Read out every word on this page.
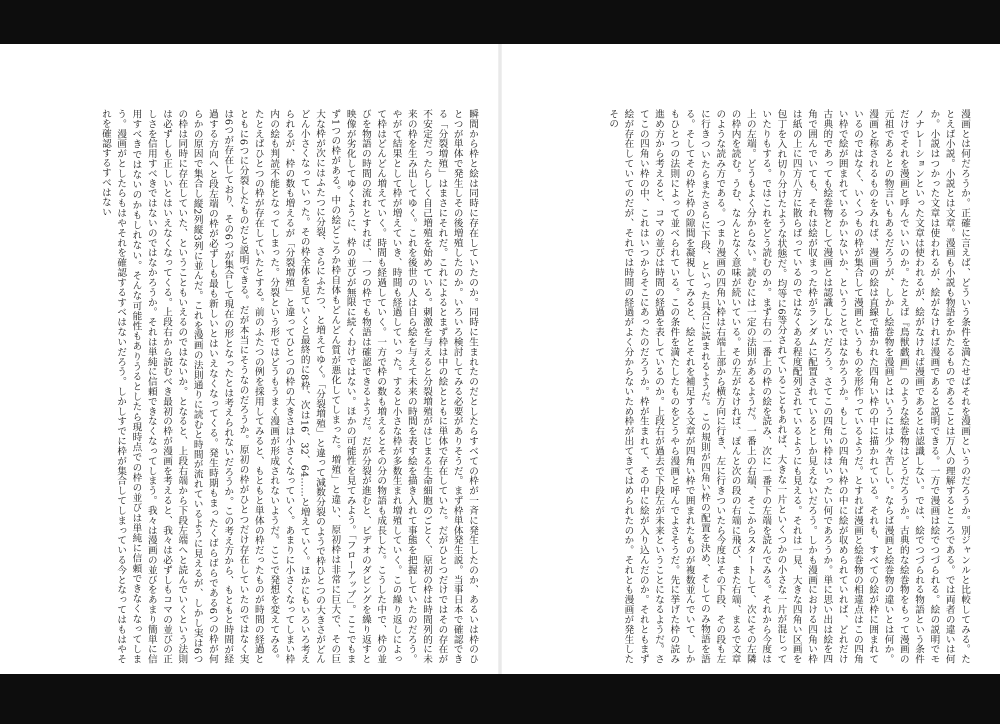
漫画とは何だろうか。正確に言えば、どういう条件を満たせばそれを漫画というのだろうか。別ジャンルと比較してみる。たとえば小説。小説とは文章。漫画も小説も物語をかたるものであることは万人の理解するところである。では両者の違いは何か。小説はつかった文章は使われるが、絵がなければ漫画であると説明できる。一方で漫画は絵でつづられる。絵の説明でモノナレーションといった文章は使われるが、絵がなければ漫画であるとは認識しない。では、絵でつづられる物語という条件だけでそれを漫画と呼んでいいのか。たとえば『鳥獣戯画』のような絵巻物はどうだろうか。古典的な絵巻物をもって漫画の元祖であるとの物言いもあるだろうが、しかし絵巻物を漫画とはいうには少々苦しい。ならば漫画と絵巻物の違いとは何か。漫画と称されるものをみれば、漫画の絵は直線で描かれた四角い枠の中に描かれている。それも、すべての絵が枠に囲まれているのではなく、いくつもの枠が集合して漫画というものを形作っているようだ。とすれば漫画と絵巻物の相違点はこの四角い枠で絵が囲まれているかいないか、ということではなかろうか。もしこの四角い枠の中に絵が収められていれば、どれだけ古典的であっても絵巻物として漫画とは認識しないだろう。さてこの四角い枠はいったい何であろうか。単に思い出は絵を四角で囲んでいても、それは絵が収まった枠がランダムに配置されているとしか見えないだろう。しかも漫画における四角い枠は紙の上に四方八方に散らばっているのではなくある程度配列されているようにも見える。それは一見、大きな四角い区画を包丁を入れ切り分けたような状態だ。均等に6等分されていることもあれば、大きな一片といくつかの小さな一片が混じっていたりもする。ではこれをどう読むのか。まず右の一番上の枠の絵を読み、次に一番下の左端を読んでみる。それから今度は上の左端。どうもよく分からない。読むには一定の法則があるようだ。一番上の右端、そこからスタートして、次にその左隣の枠内を読む。うむ、なんとなく意味が続いている。その左がなければ、ぽんと次の段の右端に飛び、また右端、まるで文章のような読み方である。つまり漫画の四角い枠は右端上部から横方向に行き、左に行きついたら今度はその下段、その段も左に行きついたらまたさらに下段、といった具合に読まれるようだ。この規則が四角い枠の配置を決め、そしてのみ物語を語る。そしてその枠と枠の隙間を凝視してみると、絵とそれを補足する文章が四角い枠で囲まれたものが複数並んでいて、しかもひとつの法則によって並べられている。この条件を満たしたものをどうやら漫画と呼んでよさそうだ。先に挙げた枠の読み進め方から考えると、コマの並びは時間の経過を表しているのか。上段右が過去で下段左が未来ということになるようだ。さてこの四角い枠の中、これはいつからそこにあったのだろうか。枠が生まれて、その中に絵が入り込んだのか。それともまず絵が存在していてのだが、それでは時間の経過がよく分からないため枠が出てきてはめられたのか。それとも漫画が発生したその
瞬間から枠と絵は同時に存在していたのか。同時に生まれたのだとしたらすべての枠が一斉に発生したのか、あるいは枠のひとつが単体で発生しその後増殖したのか。いろいろ検討してみる必要がありそうだ。まず枠単体発生説。当事日本で確認できる「分裂増殖」はまさにそれだ。これによるとまず枠は中の絵とともに単体で存在していた。だがひとつだけではその存在が不安定だったらしく自己増殖を始めている。刺激を与えると分裂増殖がはじまる生命細胞のごとく、原初の枠は時間列的に未来の枠を生み出してゆく。これを後世の人は自ら絵を与えて未来の時間を表す絵を描き入れて事態を把握していたのだろう。やがて結果として枠が増えていき、時間も経過していった。すると小さな枠が多数生まれ増殖していく。この繰り返しによって枠はどんどん増えていく。時間も経過していく。一方で枠の数も増えるとその分の物語も成長した。こうした中で、枠の並びを物語の時間の流れとすれば、一つの枠でも物語は確認できるようだ。だが分裂が進むと、ビデオのダビングを繰り返すと映像が劣化してゆくように、枠の並びが無限に続くわけではない。ほかの可能性を見てみよう。「フローアップ」。ここでもまず1つの枠がある。中の絵どころか枠自体もどんどん質が悪化してしまった。増殖」と違い、原初枠は非常に巨大で、その巨大な枠が次にはふたつに分裂、さらにふたつ、と増えてゆく。「分裂増殖」と違って減数分裂のようで枠ひとつの大きさがどんどん小さくなっていった。その枠全体を見ていくと最終的に8枠、次は16、32、64……と増えていく。ほかにもいろいろ考えられるが、枠の数も増えるが「分裂増殖」と違ってひとつの枠の大きさは小さくなっていく。あまりに小さくなってしまい枠内の絵も判読不能となってしまった。分裂という形ではどうもうまく漫画が形成されないようだ。ここで発想を変えてみる。たとえばひとつの枠が存在していたとする。前のふたつの例を採用してみると、もともと単体の枠だったものが時間の経過とともに6つに分裂したものだと説明できる。だが本当にそうなのだろうか。原初の枠がひとつだけ存在していたのではなく実は6つが存在しており、その6つが集合して現在の形となったとは考えられないだろうか。この考え方から、もともと時間が経過する方向へと段左端の枠が必ずしも最も新しいとはいえなくなってくる。発生時期もまったくばらばらである6つの枠が何らかの原因で集合し縦2列縦3列に並んだ。これを漫画の法則通りに読むと時間が流れているように見えるが、しかし実は6つの枠は同時に存在していた、ということもいえるのではないか。となると、上段右端から下段左端へと読んでいくという法則は必ずしも正しいとはいえなくなってくる。上段右から読むべき最初の枠が漫画を考えると、我々は必ずしもコマの並びの正しさを信用すべきではないのではなかろうか。それは単純に信頼できなくなってしまう。我々は漫画の並びをあまり簡単に信用すべきではないのかもしれない。そんな可能性もありうるとしたら現時点での枠の並びは単純に信頼できなくなってしまう。漫画がとしたらもはやそれを確認するすべはないだろう。しかしすでに枠が集合してしまっている今となってはもはやそれを確認するすべはない
